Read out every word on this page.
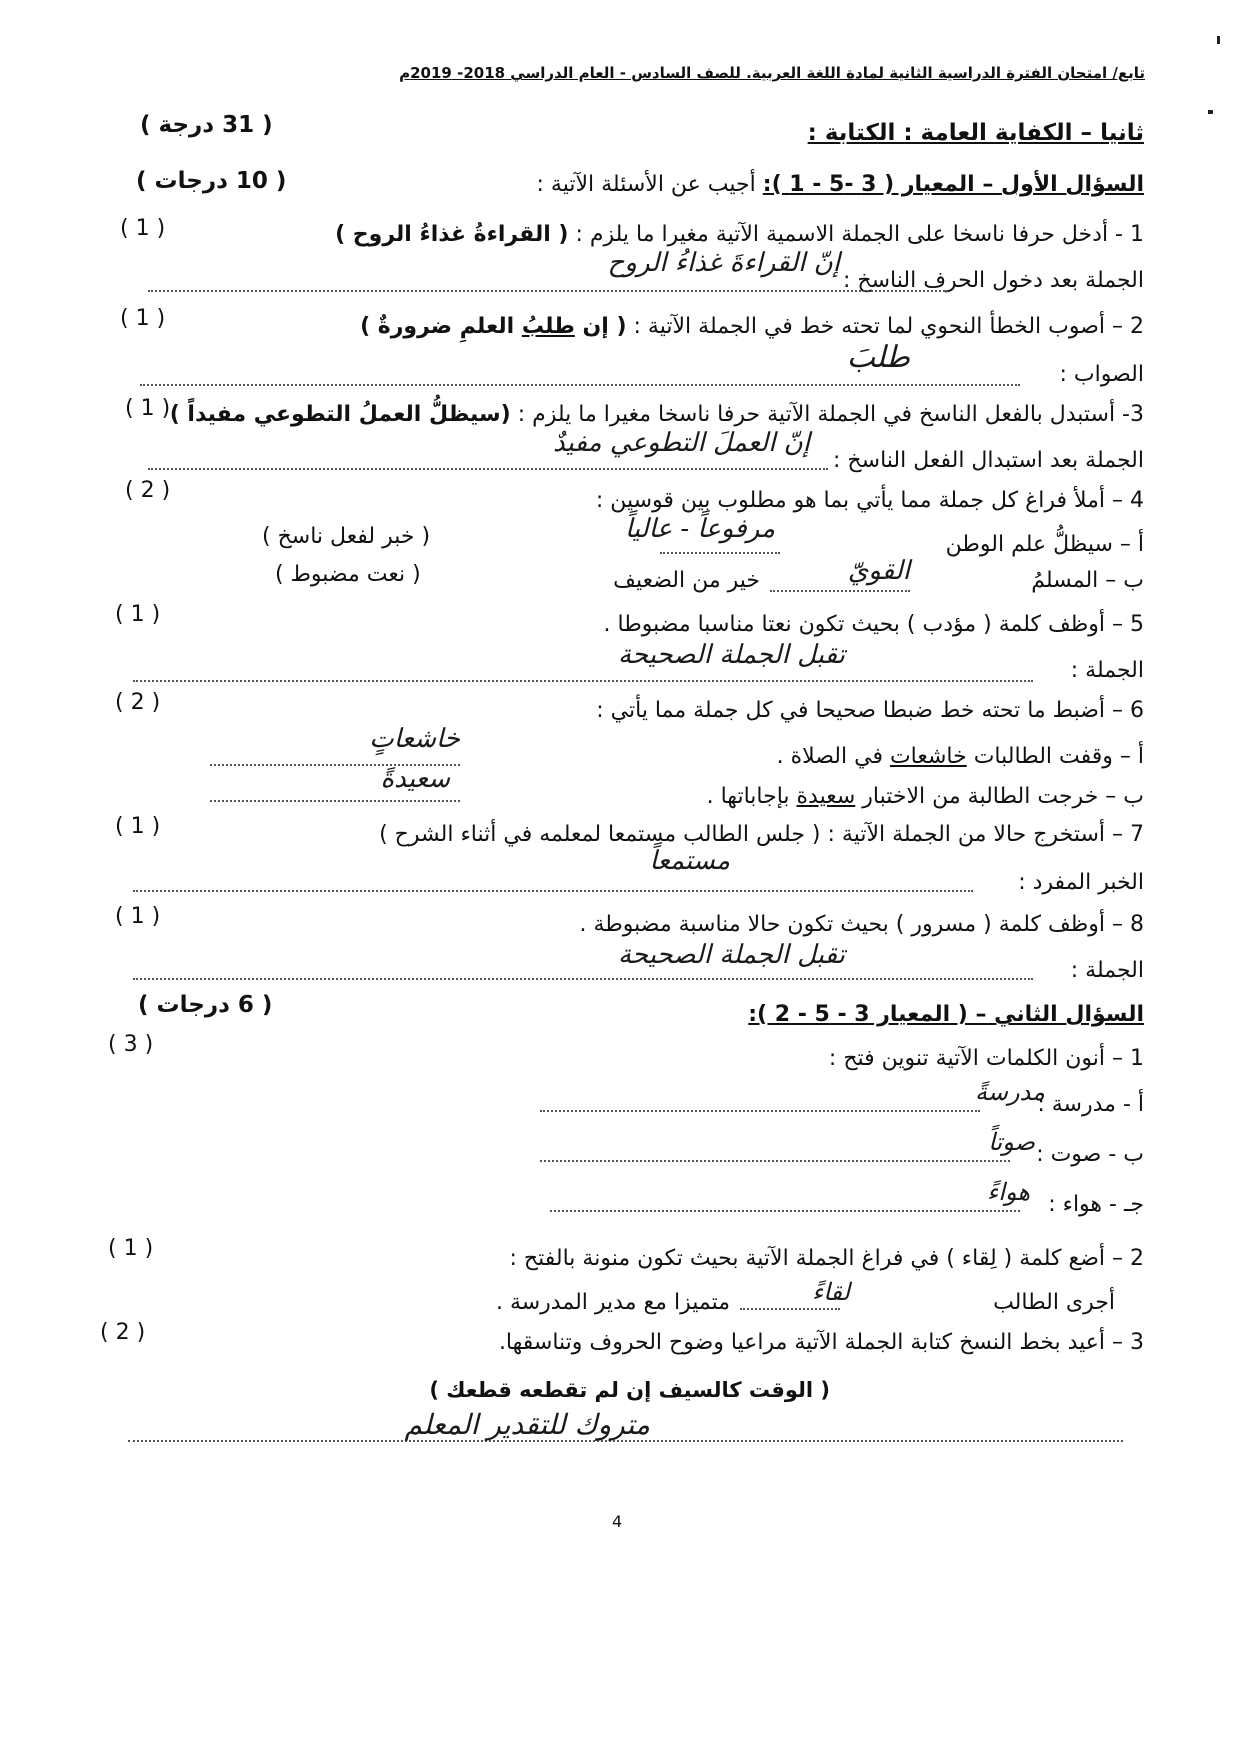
تابع/ امتحان الفترة الدراسية الثانية لمادة اللغة العربية. للصف السادس - العام الدراسي 2018- 2019م
ثانيا – الكفاية العامة : الكتابة :
( 31 درجة )
السؤال الأول – المعيار ( 3 -5 - 1 ): أجيب عن الأسئلة الآتية :
( 10 درجات )
1 - أدخل حرفا ناسخا على الجملة الاسمية الآتية مغيرا ما يلزم : ( القراءةُ غذاءُ الروح )
( 1 )
الجملة بعد دخول الحرف الناسخ :
إنّ القراءةَ غذاءُ الروح
2 – أصوب الخطأ النحوي لما تحته خط في الجملة الآتية : ( إن طلبُ العلمِ ضرورةٌ )
( 1 )
الصواب :
طلبَ
3- أستبدل بالفعل الناسخ في الجملة الآتية حرفا ناسخا مغيرا ما يلزم : (سيظلُّ العملُ التطوعي مفيداً )
( 1 )
الجملة بعد استبدال الفعل الناسخ :
إنّ العملَ التطوعي مفيدٌ
4 – أملأ فراغ كل جملة مما يأتي بما هو مطلوب بين قوسين :
( 2 )
أ – سيظلُّ علم الوطن
مرفوعاً - عالياً
( خبر لفعل ناسخ )
ب – المسلمُ
القويّ
خير من الضعيف
( نعت مضبوط )
5 – أوظف كلمة ( مؤدب ) بحيث تكون نعتا مناسبا مضبوطا .
( 1 )
الجملة :
تقبل الجملة الصحيحة
6 – أضبط ما تحته خط ضبطا صحيحا في كل جملة مما يأتي :
( 2 )
أ – وقفت الطالبات خاشعات في الصلاة .
خاشعاتٍ
ب – خرجت الطالبة من الاختبار سعيدة بإجاباتها .
سعيدةً
7 – أستخرج حالا من الجملة الآتية : ( جلس الطالب مستمعا لمعلمه في أثناء الشرح )
( 1 )
الخبر المفرد :
مستمعاً
8 – أوظف كلمة ( مسرور ) بحيث تكون حالا مناسبة مضبوطة .
( 1 )
الجملة :
تقبل الجملة الصحيحة
السؤال الثاني – ( المعيار 3 - 5 - 2 ):
( 6 درجات )
1 – أنون الكلمات الآتية تنوين فتح :
( 3 )
أ - مدرسة :
مدرسةً
ب - صوت :
صوتاً
جـ - هواء :
هواءً
2 – أضع كلمة ( لِقاء ) في فراغ الجملة الآتية بحيث تكون منونة بالفتح :
( 1 )
أجرى الطالب
لقاءً
متميزا مع مدير المدرسة .
3 – أعيد بخط النسخ كتابة الجملة الآتية مراعيا وضوح الحروف وتناسقها.
( 2 )
( الوقت كالسيف إن لم تقطعه قطعك )
متروك للتقدير المعلم
4
